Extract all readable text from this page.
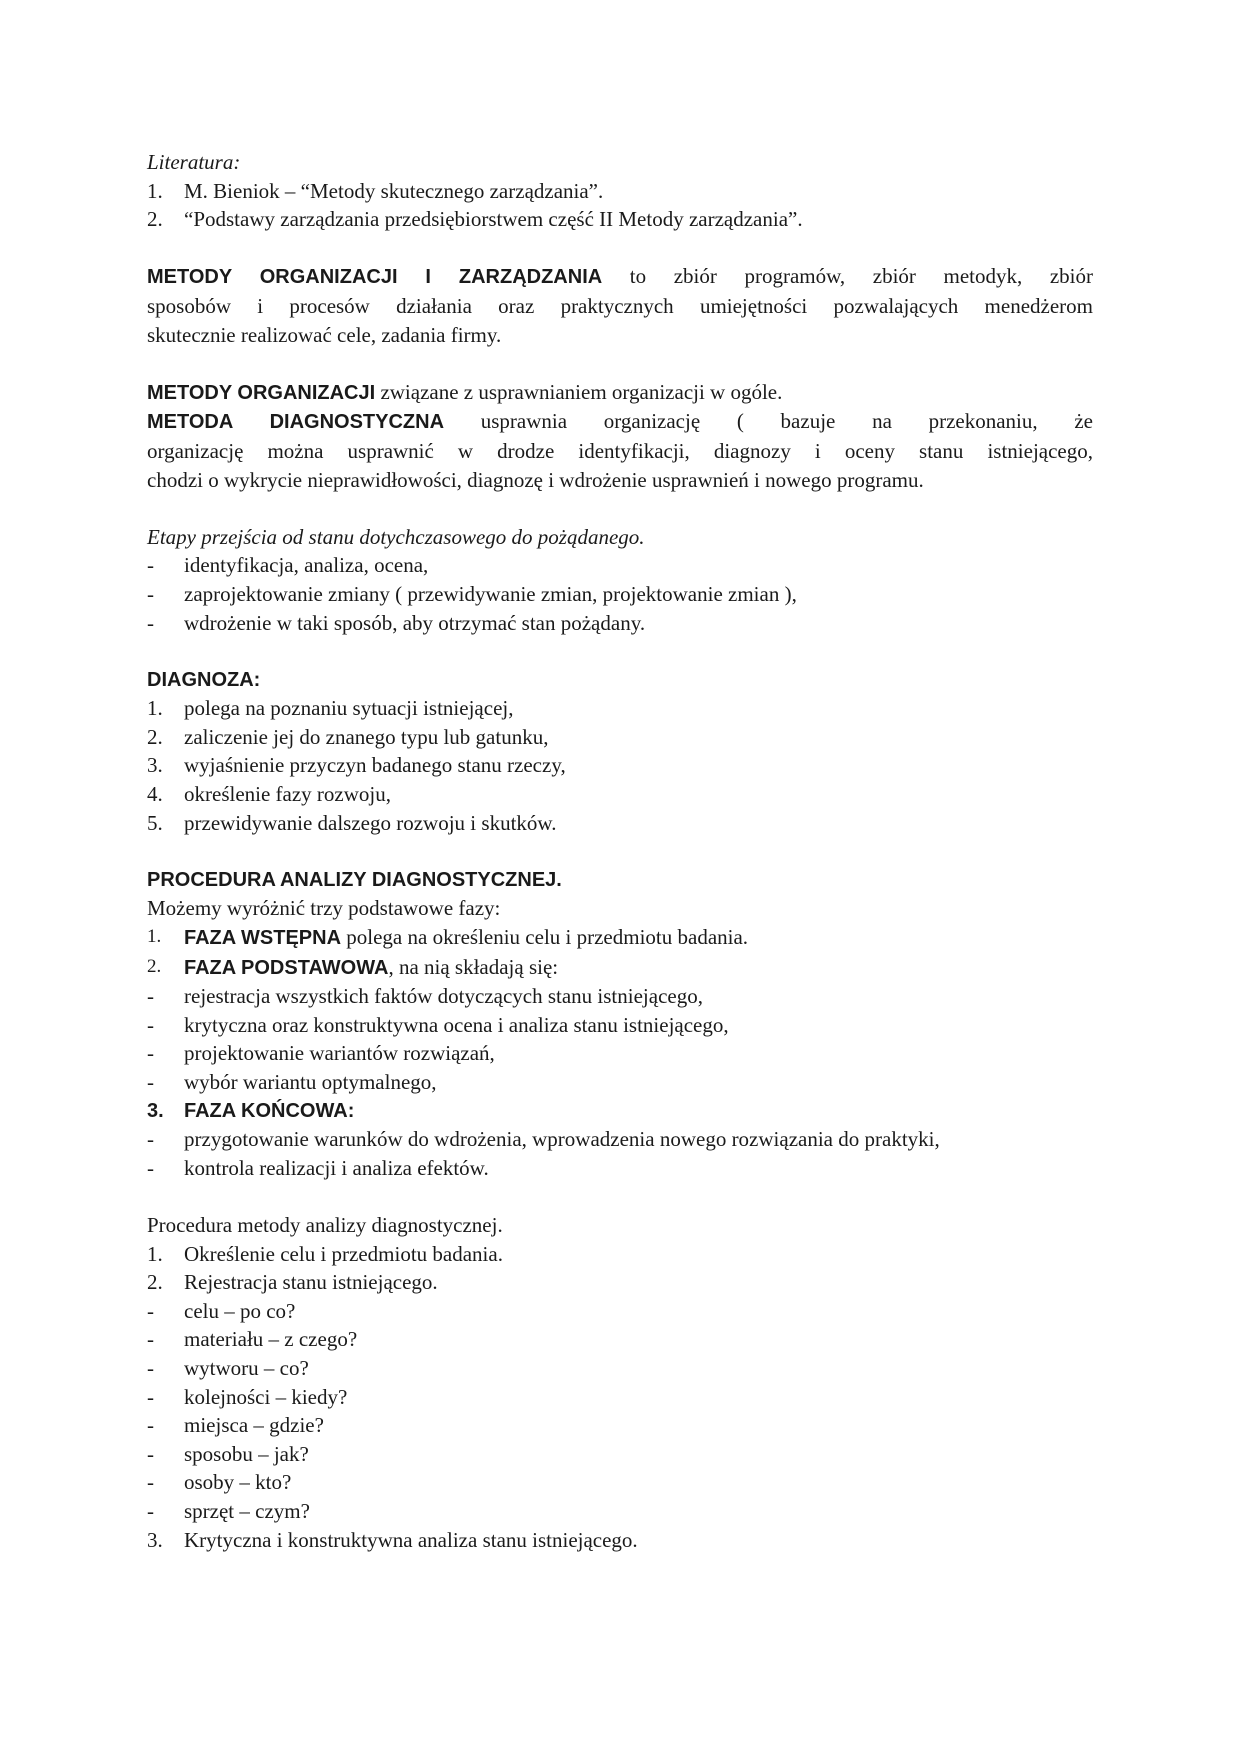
Literatura:
1.	M. Bieniok – “Metody skutecznego zarządzania”.
2.	“Podstawy zarządzania przedsiębiorstwem część II Metody zarządzania”.
METODY ORGANIZACJI I ZARZĄDZANIA to zbiór programów, zbiór metodyk, zbiór
sposobów i procesów działania oraz praktycznych umiejętności pozwalających menedżerom
skutecznie realizować cele, zadania firmy.
METODY ORGANIZACJI związane z usprawnianiem organizacji w ogóle.
METODA DIAGNOSTYCZNA usprawnia organizację ( bazuje na przekonaniu, że
organizację można usprawnić w drodze identyfikacji, diagnozy i oceny stanu istniejącego,
chodzi o wykrycie nieprawidłowości, diagnozę i wdrożenie usprawnień i nowego programu.
Etapy przejścia od stanu dotychczasowego do pożądanego.
-	identyfikacja, analiza, ocena,
-	zaprojektowanie zmiany ( przewidywanie zmian, projektowanie zmian ),
-	wdrożenie w taki sposób, aby otrzymać stan pożądany.
DIAGNOZA:
1.	polega na poznaniu sytuacji istniejącej,
2.	zaliczenie jej do znanego typu lub gatunku,
3.	wyjaśnienie przyczyn badanego stanu rzeczy,
4.	określenie fazy rozwoju,
5.	przewidywanie dalszego rozwoju i skutków.
PROCEDURA ANALIZY DIAGNOSTYCZNEJ.
Możemy wyróżnić trzy podstawowe fazy:
1.	FAZA WSTĘPNA polega na określeniu celu i przedmiotu badania.
2.	FAZA PODSTAWOWA, na nią składają się:
-	rejestracja wszystkich faktów dotyczących stanu istniejącego,
-	krytyczna oraz konstruktywna ocena i analiza stanu istniejącego,
-	projektowanie wariantów rozwiązań,
-	wybór wariantu optymalnego,
3.	FAZA KOŃCOWA:
-	przygotowanie warunków do wdrożenia, wprowadzenia nowego rozwiązania do praktyki,
-	kontrola realizacji i analiza efektów.
Procedura metody analizy diagnostycznej.
1.	Określenie celu i przedmiotu badania.
2.	Rejestracja stanu istniejącego.
-	celu – po co?
-	materiału – z czego?
-	wytworu – co?
-	kolejności – kiedy?
-	miejsca – gdzie?
-	sposobu – jak?
-	osoby – kto?
-	sprzęt – czym?
3.	Krytyczna i konstruktywna analiza stanu istniejącego.
